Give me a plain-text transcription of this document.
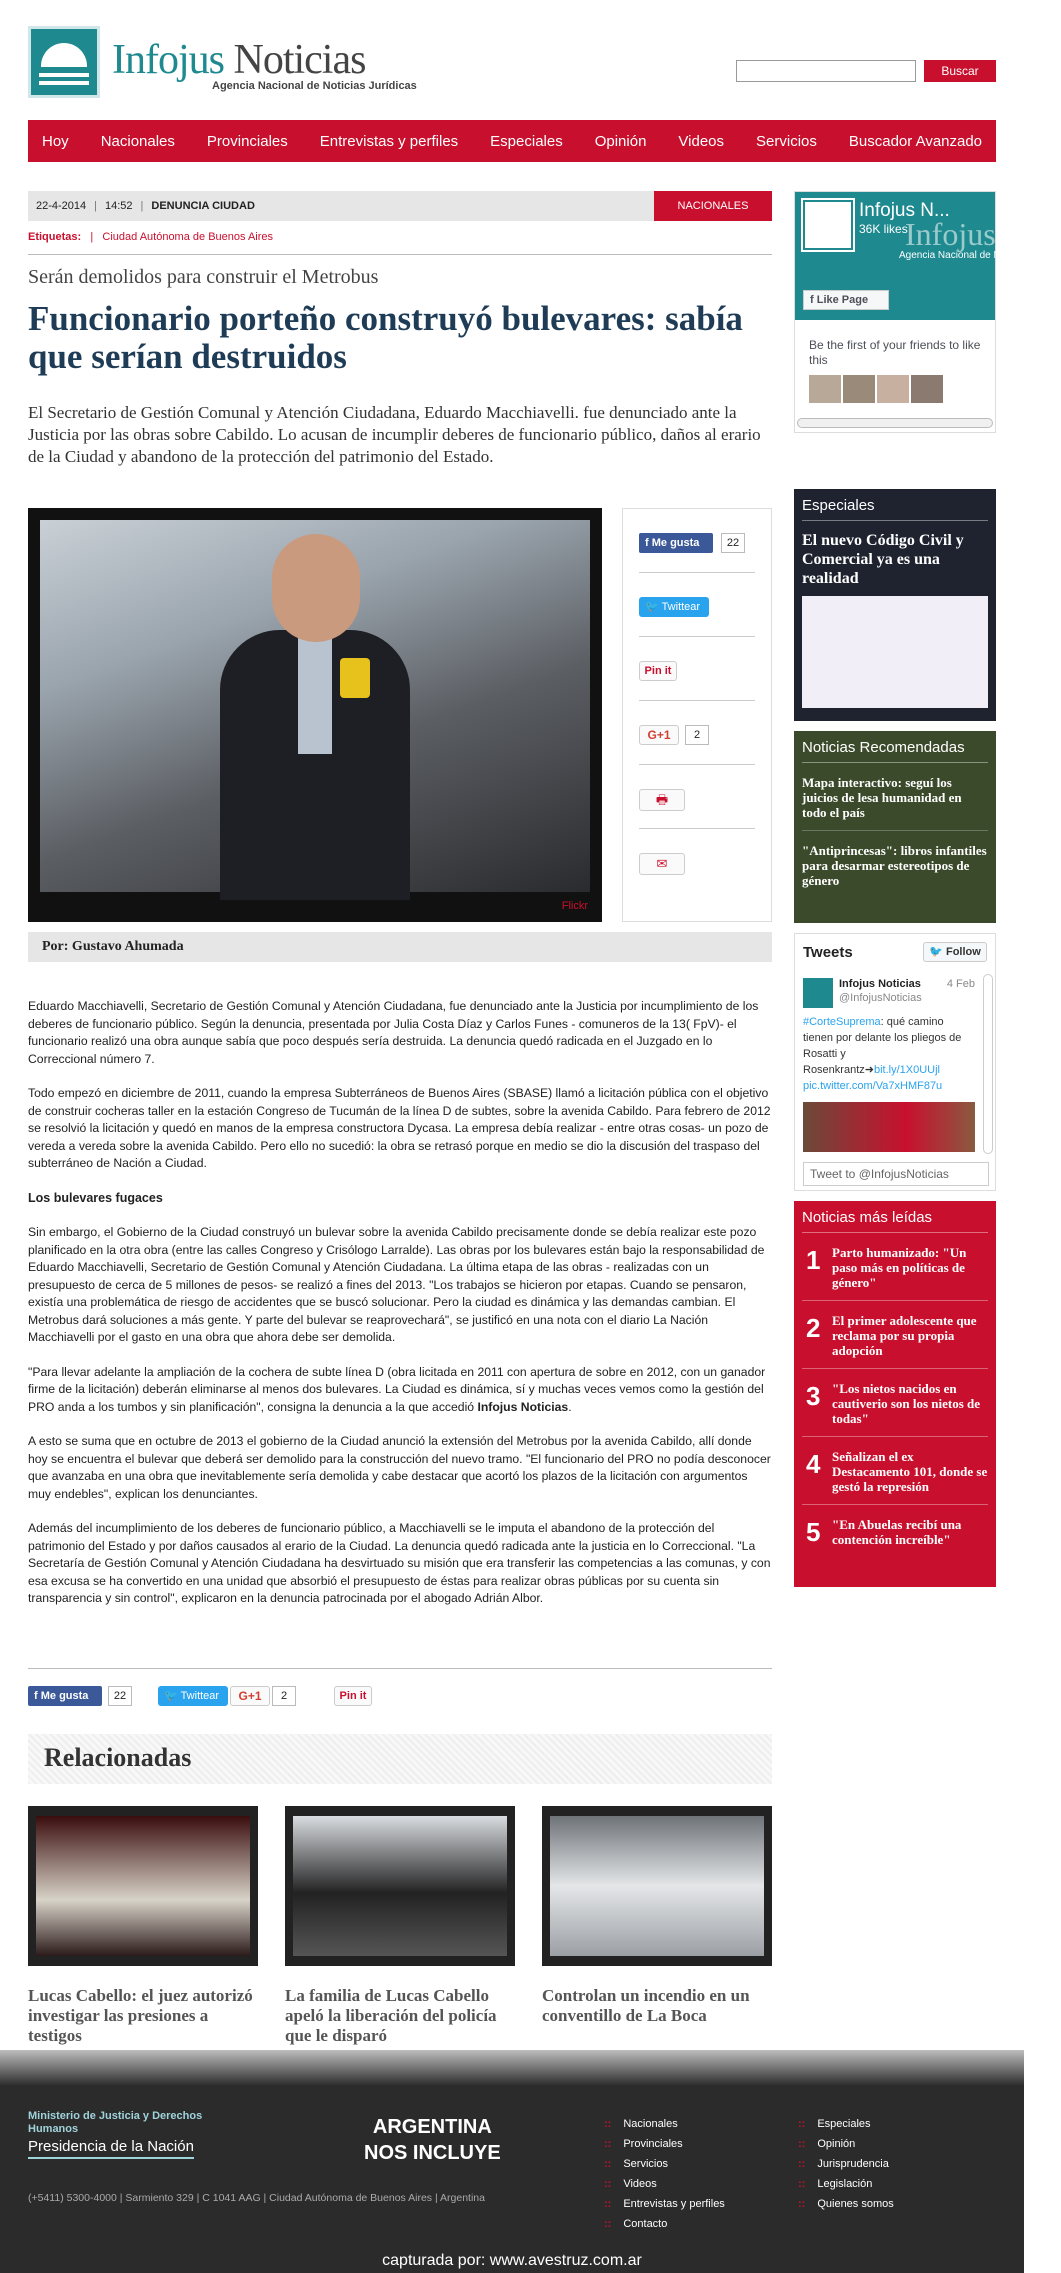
Infojus Noticias
Agencia Nacional de Noticias Jurídicas
Buscar
Hoy Nacionales Provinciales Entrevistas y perfiles Especiales Opinión Videos Servicios Buscador Avanzado
22-4-2014 | 14:52 | DENUNCIA CIUDAD	NACIONALES
Etiquetas: | Ciudad Autónoma de Buenos Aires
Serán demolidos para construir el Metrobus
Funcionario porteño construyó bulevares: sabía que serían destruidos
El Secretario de Gestión Comunal y Atención Ciudadana, Eduardo Macchiavelli. fue denunciado ante la Justicia por las obras sobre Cabildo. Lo acusan de incumplir deberes de funcionario público, daños al erario de la Ciudad y abandono de la protección del patrimonio del Estado.
Flickr
f Me gusta	22
🐦 Twittear
Pin it
G+1	2
🖶
✉
Por: Gustavo Ahumada

Eduardo Macchiavelli, Secretario de Gestión Comunal y Atención Ciudadana, fue denunciado ante la Justicia por incumplimiento de los deberes de funcionario público. Según la denuncia, presentada por Julia Costa Díaz y Carlos Funes - comuneros de la 13( FpV)- el funcionario realizó una obra aunque sabía que poco después sería destruida. La denuncia quedó radicada en el Juzgado en lo Correccional número 7.

Todo empezó en diciembre de 2011, cuando la empresa Subterráneos de Buenos Aires (SBASE) llamó a licitación pública con el objetivo de construir cocheras taller en la estación Congreso de Tucumán de la línea D de subtes, sobre la avenida Cabildo. Para febrero de 2012 se resolvió la licitación y quedó en manos de la empresa constructora Dycasa. La empresa debía realizar - entre otras cosas- un pozo de vereda a vereda sobre la avenida Cabildo. Pero ello no sucedió: la obra se retrasó porque en medio se dio la discusión del traspaso del subterráneo de Nación a Ciudad.

Los bulevares fugaces

Sin embargo, el Gobierno de la Ciudad construyó un bulevar sobre la avenida Cabildo precisamente donde se debía realizar este pozo planificado en la otra obra (entre las calles Congreso y Crisólogo Larralde). Las obras por los bulevares están bajo la responsabilidad de Eduardo Macchiavelli, Secretario de Gestión Comunal y Atención Ciudadana. La última etapa de las obras - realizadas con un presupuesto de cerca de 5 millones de pesos- se realizó a fines del 2013. "Los trabajos se hicieron por etapas. Cuando se pensaron, existía una problemática de riesgo de accidentes que se buscó solucionar. Pero la ciudad es dinámica y las demandas cambian. El Metrobus dará soluciones a más gente. Y parte del bulevar se reaprovechará", se justificó en una nota con el diario La Nación Macchiavelli por el gasto en una obra que ahora debe ser demolida.

"Para llevar adelante la ampliación de la cochera de subte línea D (obra licitada en 2011 con apertura de sobre en 2012, con un ganador firme de la licitación) deberán eliminarse al menos dos bulevares. La Ciudad es dinámica, sí y muchas veces vemos como la gestión del PRO anda a los tumbos y sin planificación", consigna la denuncia a la que accedió Infojus Noticias.

A esto se suma que en octubre de 2013 el gobierno de la Ciudad anunció la extensión del Metrobus por la avenida Cabildo, allí donde hoy se encuentra el bulevar que deberá ser demolido para la construcción del nuevo tramo. "El funcionario del PRO no podía desconocer que avanzaba en una obra que inevitablemente sería demolida y cabe destacar que acortó los plazos de la licitación con argumentos muy endebles", explican los denunciantes.

Además del incumplimiento de los deberes de funcionario público, a Macchiavelli se le imputa el abandono de la protección del patrimonio del Estado y por daños causados al erario de la Ciudad. La denuncia quedó radicada ante la justicia en lo Correccional. "La Secretaría de Gestión Comunal y Atención Ciudadana ha desvirtuado su misión que era transferir las competencias a las comunas, y con esa excusa se ha convertido en una unidad que absorbió el presupuesto de éstas para realizar obras públicas por su cuenta sin transparencia y sin control", explicaron en la denuncia patrocinada por el abogado Adrián Albor.

f Me gusta	22	🐦 Twittear	G+1	2	Pin it
Relacionadas
Lucas Cabello: el juez autorizó investigar las presiones a testigos
La familia de Lucas Cabello apeló la liberación del policía que le disparó
Controlan un incendio en un conventillo de La Boca
Infojus Noti
Agencia Nacional de Noti
Infojus N...
36K likes
f Like Page
Be the first of your friends to like this
Especiales
El nuevo Código Civil y Comercial ya es una realidad
Noticias Recomendadas
Mapa interactivo: seguí los juicios de lesa humanidad en todo el país
"Antiprincesas": libros infantiles para desarmar estereotipos de género
Tweets	🐦 Follow
Infojus Noticias
@InfojusNoticias
4 Feb
#CorteSuprema: qué camino tienen por delante los pliegos de Rosatti y Rosenkrantz➜bit.ly/1X0UUjl pic.twitter.com/Va7xHMF87u
Tweet to @InfojusNoticias
Noticias más leídas
1 Parto humanizado: "Un paso más en políticas de género"
2 El primer adolescente que reclama por su propia adopción
3 "Los nietos nacidos en cautiverio son los nietos de todas"
4 Señalizan el ex Destacamento 101, donde se gestó la represión
5 "En Abuelas recibí una contención increíble"
Ministerio de Justicia y Derechos Humanos
Presidencia de la Nación
ARGENTINA
NOS INCLUYE
(+5411) 5300-4000 | Sarmiento 329 | C 1041 AAG | Ciudad Autónoma de Buenos Aires | Argentina
:: Nacionales
:: Provinciales
:: Servicios
:: Videos
:: Entrevistas y perfiles
:: Contacto
:: Especiales
:: Opinión
:: Jurisprudencia
:: Legislación
:: Quienes somos
capturada por: www.avestruz.com.ar
